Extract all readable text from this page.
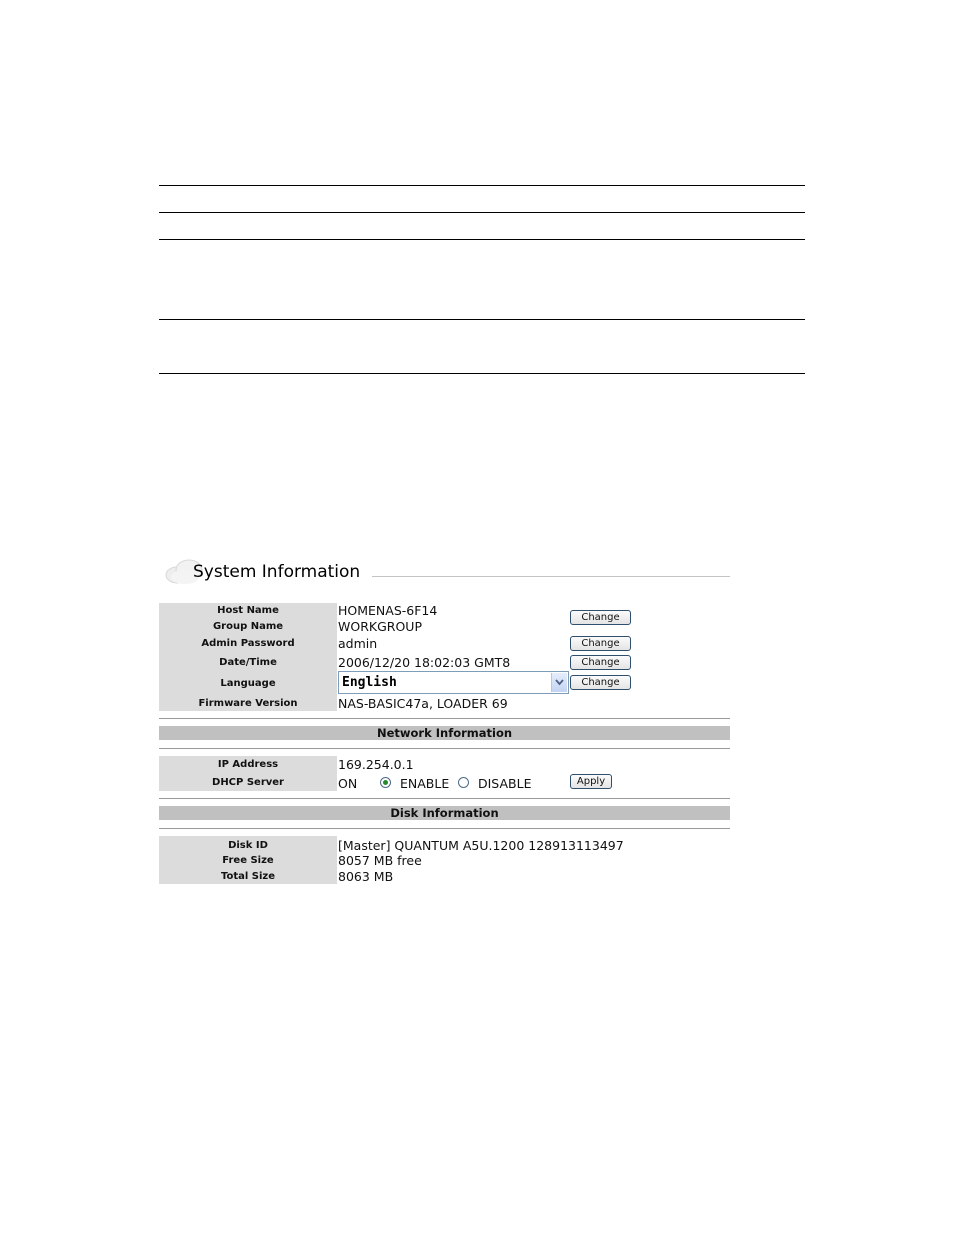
System Information
Host Name	HOMENAS-6F14	Change
Group Name	WORKGROUP
Admin Password	admin	Change
Date/Time	2006/12/20 18:02:03 GMT8	Change
Language	English	Change
Firmware Version	NAS-BASIC47a, LOADER 69
Network Information
IP Address	169.254.0.1
DHCP Server	ON	ENABLE DISABLE	Apply
Disk Information
Disk ID	[Master] QUANTUM A5U.1200 128913113497
Free Size	8057 MB free
Total Size	8063 MB
